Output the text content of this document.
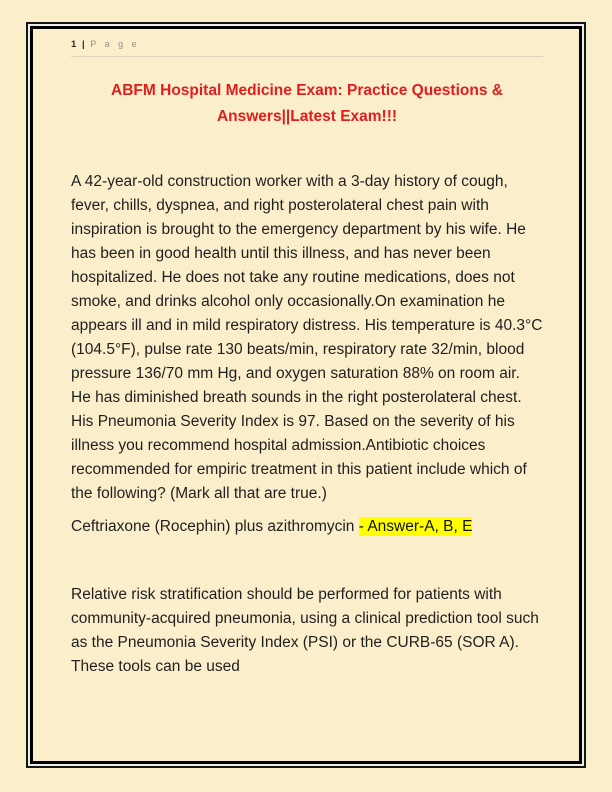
1 | P a g e
ABFM Hospital Medicine Exam: Practice Questions & Answers||Latest Exam!!!
A 42-year-old construction worker with a 3-day history of cough, fever, chills, dyspnea, and right posterolateral chest pain with inspiration is brought to the emergency department by his wife. He has been in good health until this illness, and has never been hospitalized. He does not take any routine medications, does not smoke, and drinks alcohol only occasionally.On examination he appears ill and in mild respiratory distress. His temperature is 40.3°C (104.5°F), pulse rate 130 beats/min, respiratory rate 32/min, blood pressure 136/70 mm Hg, and oxygen saturation 88% on room air. He has diminished breath sounds in the right posterolateral chest. His Pneumonia Severity Index is 97. Based on the severity of his illness you recommend hospital admission.Antibiotic choices recommended for empiric treatment in this patient include which of the following? (Mark all that are true.)
Ceftriaxone (Rocephin) plus azithromycin - Answer-A, B, E
Relative risk stratification should be performed for patients with community-acquired pneumonia, using a clinical prediction tool such as the Pneumonia Severity Index (PSI) or the CURB-65 (SOR A). These tools can be used
